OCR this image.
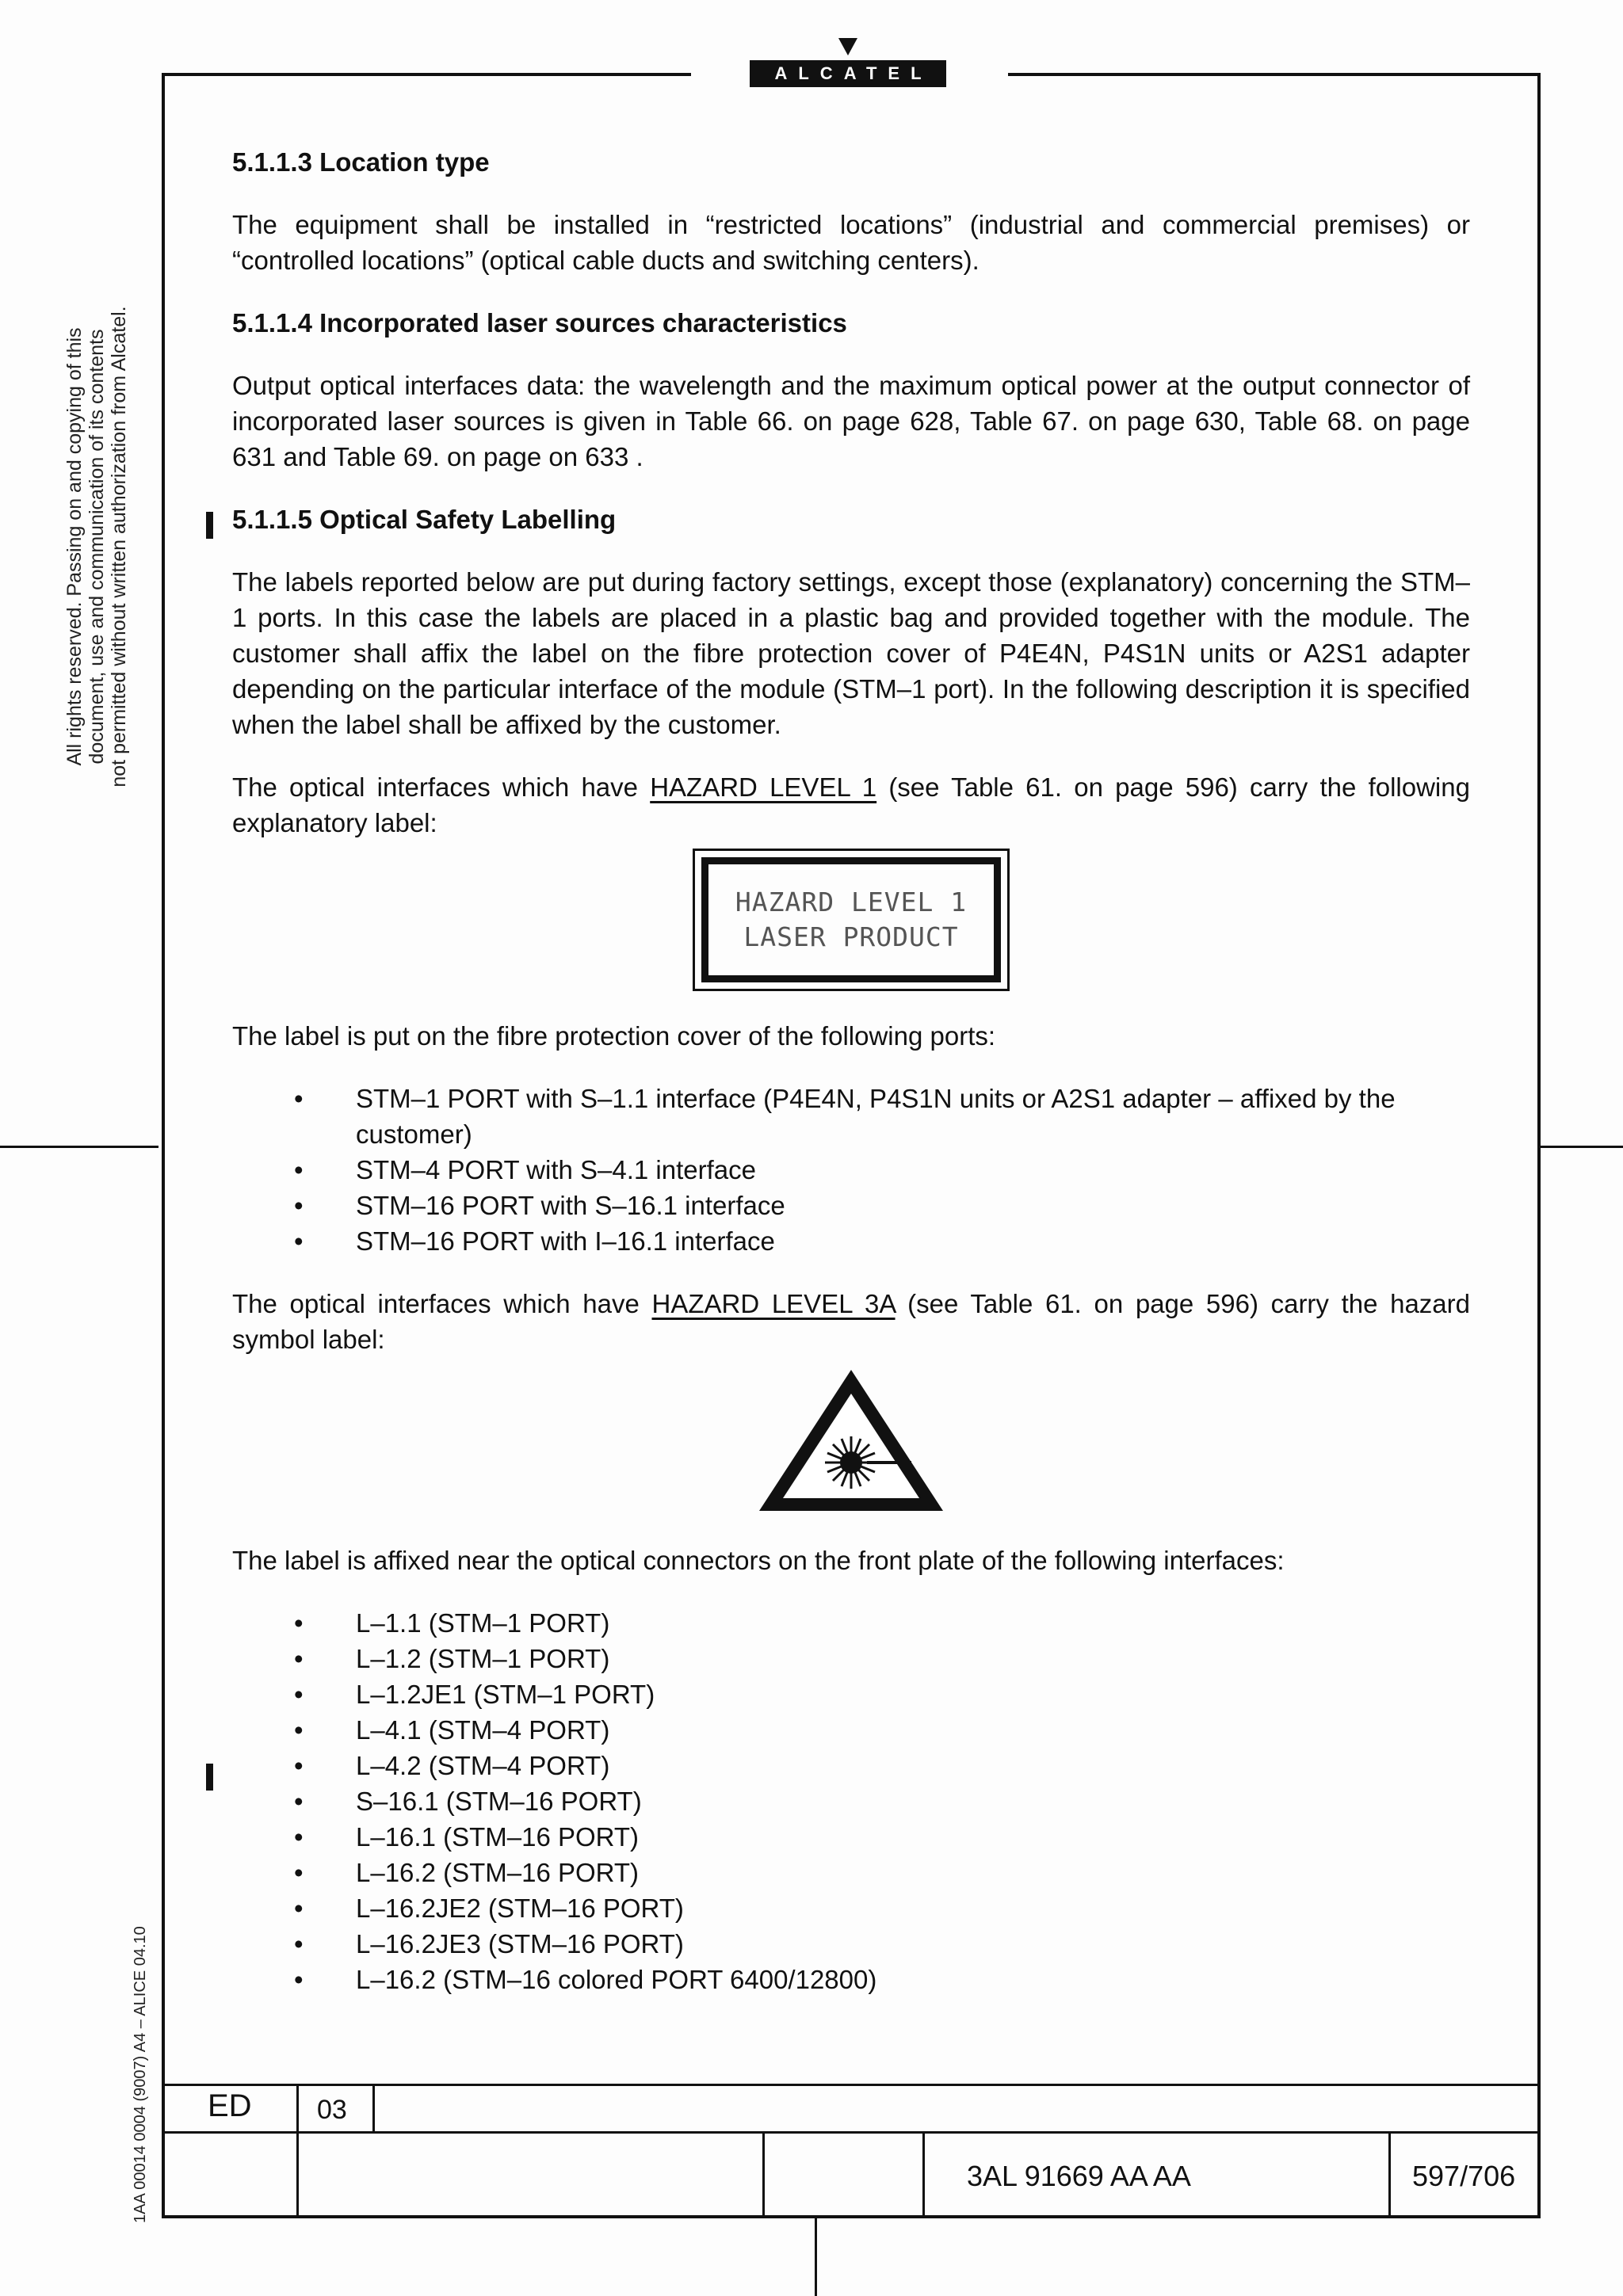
ALCATEL
All rights reserved. Passing on and copying of this document, use and communication of its contents not permitted without written authorization from Alcatel.
1AA 00014 0004 (9007) A4 – ALICE 04.10
5.1.1.3 Location type

The equipment shall be installed in “restricted locations” (industrial and commercial premises) or “controlled locations” (optical cable ducts and switching centers).

5.1.1.4 Incorporated laser sources characteristics

Output optical interfaces data: the wavelength and the maximum optical power at the output connector of incorporated laser sources is given in Table 66. on page 628, Table 67. on page 630, Table 68. on page 631 and Table 69. on page on 633 .

5.1.1.5 Optical Safety Labelling

The labels reported below are put during factory settings, except those (explanatory) concerning the STM–1 ports. In this case the labels are placed in a plastic bag and provided together with the module. The customer shall affix the label on the fibre protection cover of P4E4N, P4S1N units or A2S1 adapter depending on the particular interface of the module (STM–1 port). In the following description it is specified when the label shall be affixed by the customer.

The optical interfaces which have HAZARD LEVEL 1 (see Table 61. on page 596) carry the following explanatory label:

HAZARD LEVEL 1
LASER PRODUCT

The label is put on the fibre protection cover of the following ports:

• STM–1 PORT with S–1.1 interface (P4E4N, P4S1N units or A2S1 adapter – affixed by the customer)
• STM–4 PORT with S–4.1 interface
• STM–16 PORT with S–16.1 interface
• STM–16 PORT with I–16.1 interface

The optical interfaces which have HAZARD LEVEL 3A (see Table 61. on page 596) carry the hazard symbol label:

The label is affixed near the optical connectors on the front plate of the following interfaces:

• L–1.1 (STM–1 PORT)
• L–1.2 (STM–1 PORT)
• L–1.2JE1 (STM–1 PORT)
• L–4.1 (STM–4 PORT)
• L–4.2 (STM–4 PORT)
• S–16.1 (STM–16 PORT)
• L–16.1 (STM–16 PORT)
• L–16.2 (STM–16 PORT)
• L–16.2JE2 (STM–16 PORT)
• L–16.2JE3 (STM–16 PORT)
• L–16.2 (STM–16 colored PORT 6400/12800)
ED 03
3AL 91669 AA AA	597/706
